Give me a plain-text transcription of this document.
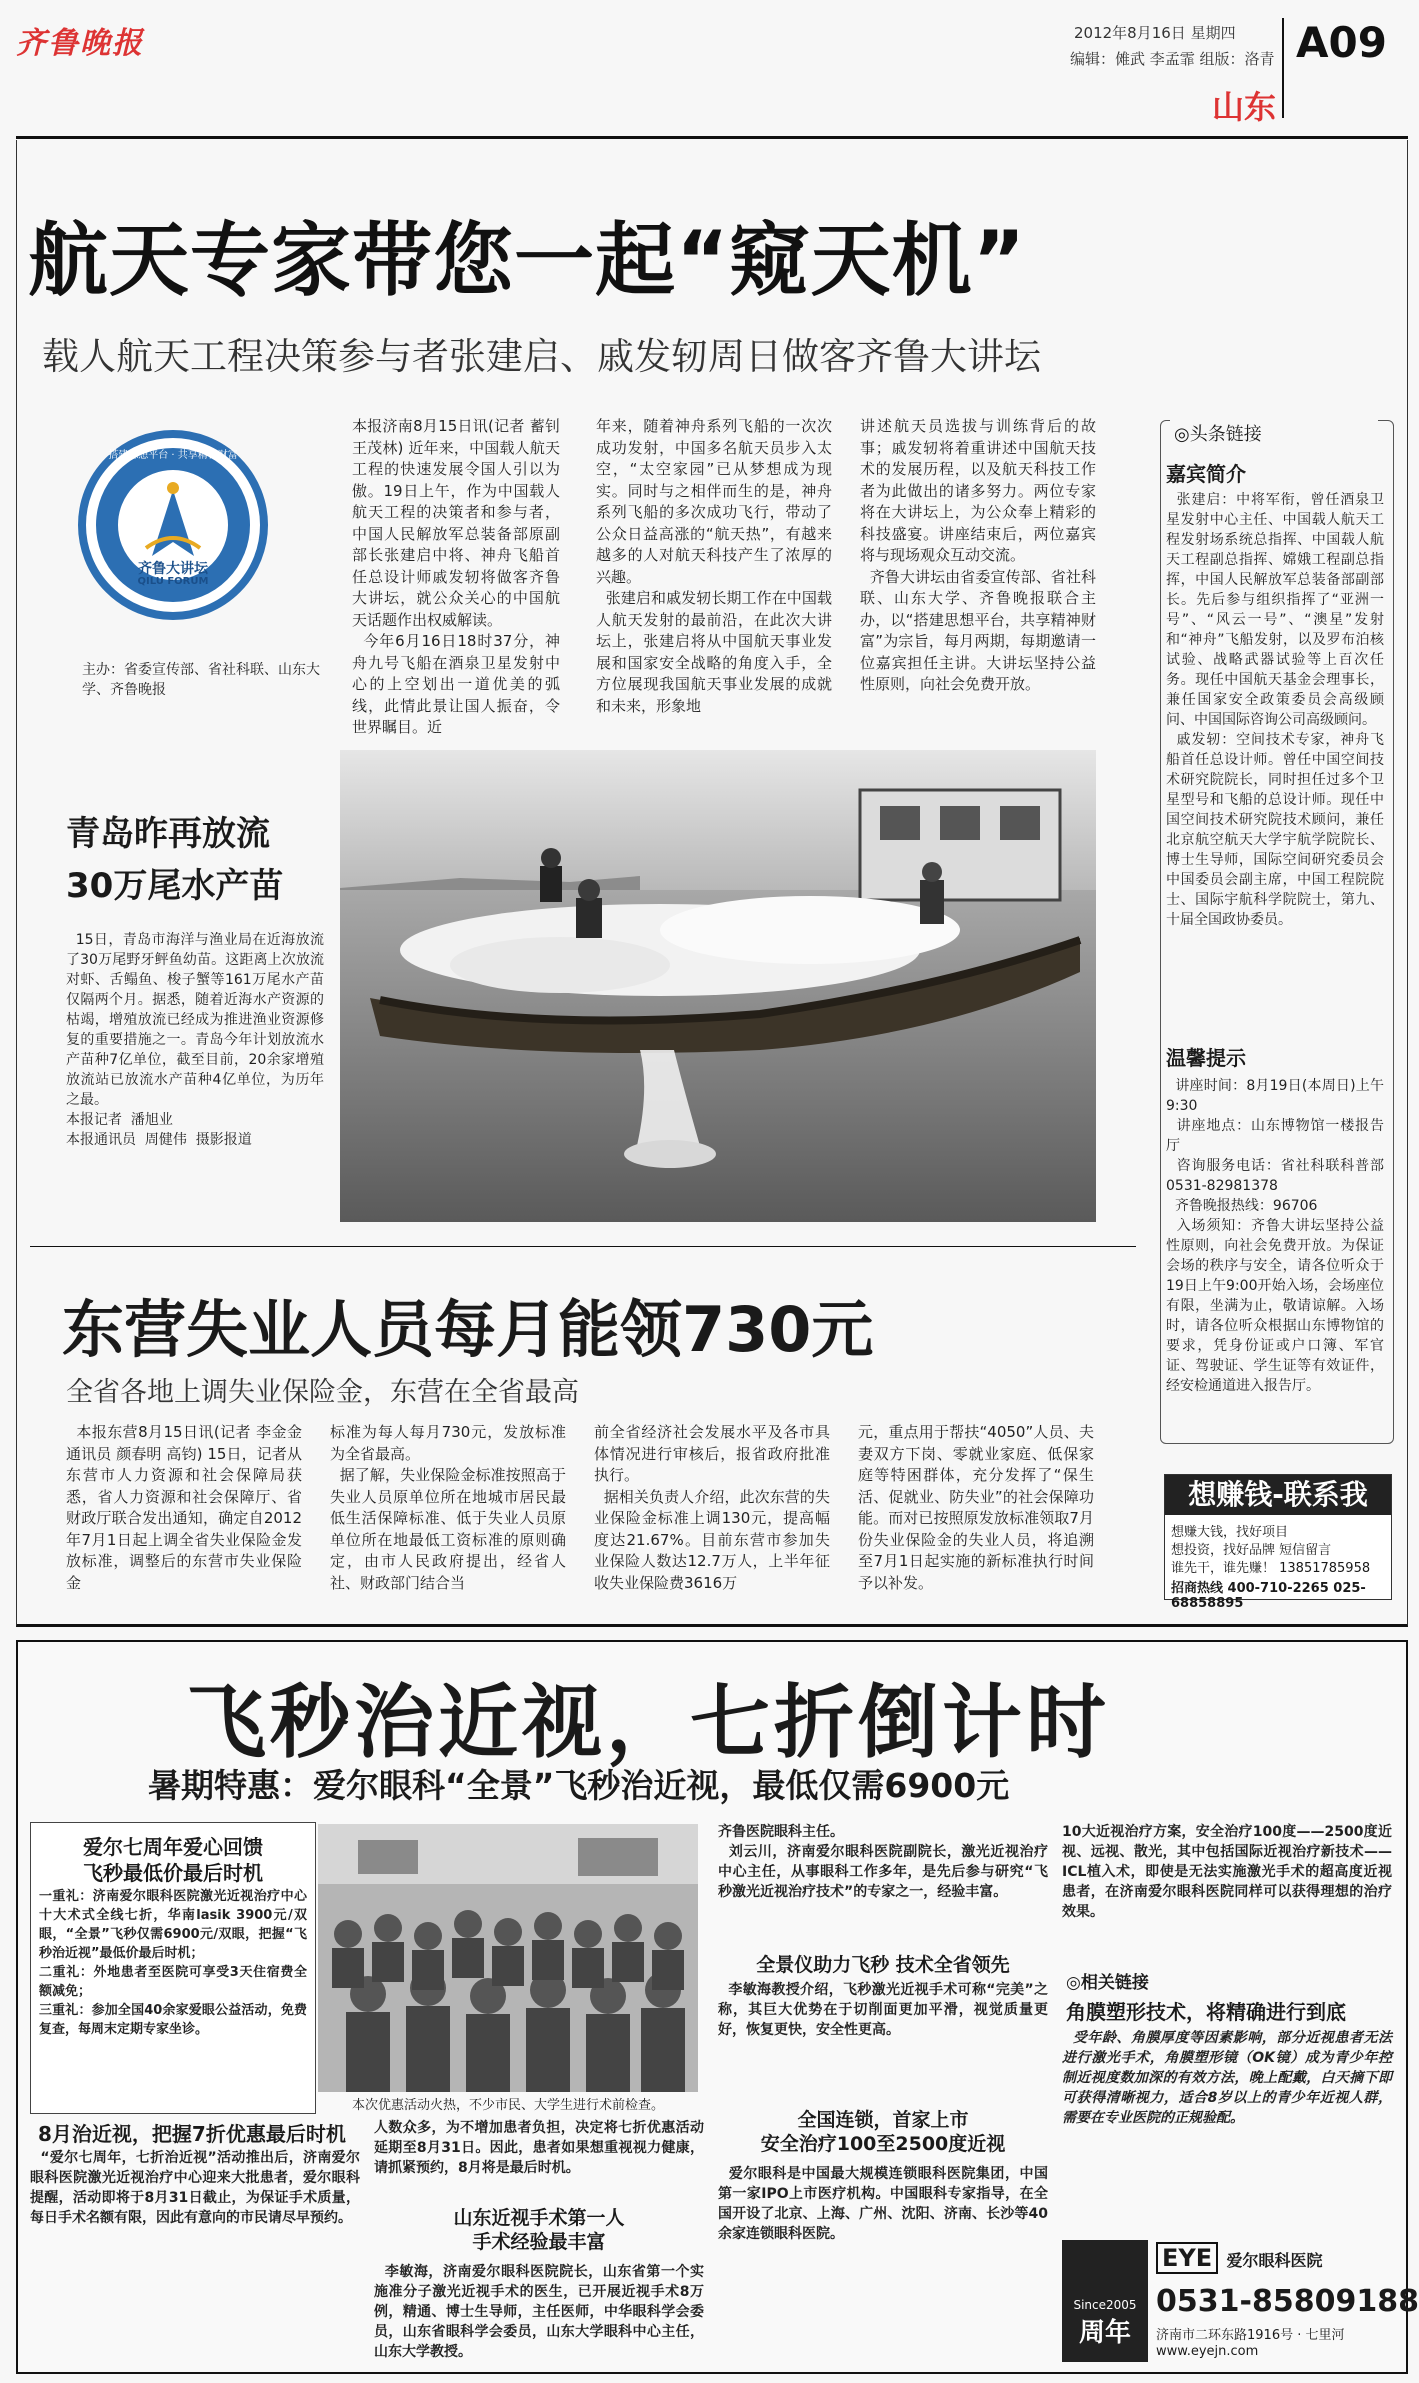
齐鲁晚报	2012年8月16日 星期四
编辑：傩武 李孟霏 组版：洛青 A09
山东
航天专家带您一起“窥天机”
载人航天工程决策参与者张建启、戚发轫周日做客齐鲁大讲坛
搭建思想平台 · 共享精神财富
齐鲁大讲坛
QILU FORUM
主办：省委宣传部、省社科联、山东大学、齐鲁晚报
本报济南8月15日讯(记者 蓄钊 王茂林) 近年来，中国载人航天工程的快速发展令国人引以为傲。19日上午，作为中国载人航天工程的决策者和参与者，中国人民解放军总装备部原副部长张建启中将、神舟飞船首任总设计师戚发轫将做客齐鲁大讲坛，就公众关心的中国航天话题作出权威解读。
今年6月16日18时37分，神舟九号飞船在酒泉卫星发射中心的上空划出一道优美的弧线，此情此景让国人振奋，令世界瞩目。近
年来，随着神舟系列飞船的一次次成功发射，中国多名航天员步入太空，“太空家园”已从梦想成为现实。同时与之相伴而生的是，神舟系列飞船的多次成功飞行，带动了公众日益高涨的“航天热”，有越来越多的人对航天科技产生了浓厚的兴趣。
张建启和戚发轫长期工作在中国载人航天发射的最前沿，在此次大讲坛上，张建启将从中国航天事业发展和国家安全战略的角度入手，全方位展现我国航天事业发展的成就和未来，形象地
讲述航天员选拔与训练背后的故事；戚发轫将着重讲述中国航天技术的发展历程，以及航天科技工作者为此做出的诸多努力。两位专家将在大讲坛上，为公众奉上精彩的科技盛宴。讲座结束后，两位嘉宾将与现场观众互动交流。
齐鲁大讲坛由省委宣传部、省社科联、山东大学、齐鲁晚报联合主办，以“搭建思想平台，共享精神财富”为宗旨，每月两期，每期邀请一位嘉宾担任主讲。大讲坛坚持公益性原则，向社会免费开放。
◎头条链接
嘉宾简介
张建启：中将军衔，曾任酒泉卫星发射中心主任、中国载人航天工程发射场系统总指挥、中国载人航天工程副总指挥、嫦娥工程副总指挥，中国人民解放军总装备部副部长。先后参与组织指挥了“亚洲一号”、“风云一号”、“澳星”发射和“神舟”飞船发射，以及罗布泊核试验、战略武器试验等上百次任务。现任中国航天基金会理事长，兼任国家安全政策委员会高级顾问、中国国际咨询公司高级顾问。
戚发轫：空间技术专家，神舟飞船首任总设计师。曾任中国空间技术研究院院长，同时担任过多个卫星型号和飞船的总设计师。现任中国空间技术研究院技术顾问，兼任北京航空航天大学宇航学院院长、博士生导师，国际空间研究委员会中国委员会副主席，中国工程院院士、国际宇航科学院院士，第九、十届全国政协委员。
温馨提示
讲座时间：8月19日(本周日)上午9:30
讲座地点：山东博物馆一楼报告厅
咨询服务电话：省社科联科普部 0531-82981378
齐鲁晚报热线：96706
入场须知：齐鲁大讲坛坚持公益性原则，向社会免费开放。为保证会场的秩序与安全，请各位听众于19日上午9:00开始入场，会场座位有限，坐满为止，敬请谅解。入场时，请各位听众根据山东博物馆的要求，凭身份证或户口簿、军官证、驾驶证、学生证等有效证件，经安检通道进入报告厅。
想赚钱-联系我
想赚大钱，找好项目
想投资，找好品牌 短信留言
谁先干，谁先赚！ 13851785958
招商热线 400-710-2265 025-68858895
青岛昨再放流
30万尾水产苗
15日，青岛市海洋与渔业局在近海放流了30万尾野牙鲆鱼幼苗。这距离上次放流对虾、舌鳎鱼、梭子蟹等161万尾水产苗仅隔两个月。据悉，随着近海水产资源的枯竭，增殖放流已经成为推进渔业资源修复的重要措施之一。青岛今年计划放流水产苗种7亿单位，截至目前，20余家增殖放流站已放流水产苗种4亿单位，为历年之最。
本报记者  潘旭业
本报通讯员  周健伟  摄影报道
东营失业人员每月能领730元
全省各地上调失业保险金，东营在全省最高
本报东营8月15日讯(记者 李金金 通讯员 颜春明 高钧) 15日，记者从东营市人力资源和社会保障局获悉，省人力资源和社会保障厅、省财政厅联合发出通知，确定自2012年7月1日起上调全省失业保险金发放标准，调整后的东营市失业保险金
标准为每人每月730元，发放标准为全省最高。
据了解，失业保险金标准按照高于失业人员原单位所在地城市居民最低生活保障标准、低于失业人员原单位所在地最低工资标准的原则确定，由市人民政府提出，经省人社、财政部门结合当
前全省经济社会发展水平及各市具体情况进行审核后，报省政府批准执行。
据相关负责人介绍，此次东营的失业保险金标准上调130元，提高幅度达21.67%。目前东营市参加失业保险人数达12.7万人，上半年征收失业保险费3616万
元，重点用于帮扶“4050”人员、夫妻双方下岗、零就业家庭、低保家庭等特困群体，充分发挥了“保生活、促就业、防失业”的社会保障功能。而对已按照原发放标准领取7月份失业保险金的失业人员，将追溯至7月1日起实施的新标准执行时间予以补发。
飞秒治近视，七折倒计时
暑期特惠：爱尔眼科“全景”飞秒治近视，最低仅需6900元
爱尔七周年爱心回馈
飞秒最低价最后时机
一重礼：济南爱尔眼科医院激光近视治疗中心十大术式全线七折，华南lasik 3900元/双眼，“全景”飞秒仅需6900元/双眼，把握“飞秒治近视”最低价最后时机；
二重礼：外地患者至医院可享受3天住宿费全额减免；
三重礼：参加全国40余家爱眼公益活动，免费复查，每周末定期专家坐诊。
本次优惠活动火热，不少市民、大学生进行术前检查。
8月治近视，把握7折优惠最后时机
“爱尔七周年，七折治近视”活动推出后，济南爱尔眼科医院激光近视治疗中心迎来大批患者，爱尔眼科提醒，活动即将于8月31日截止，为保证手术质量，每日手术名额有限，因此有意向的市民请尽早预约。
人数众多，为不增加患者负担，决定将七折优惠活动延期至8月31日。因此，患者如果想重视视力健康，请抓紧预约，8月将是最后时机。
山东近视手术第一人
手术经验最丰富
李敏海，济南爱尔眼科医院院长，山东省第一个实施准分子激光近视手术的医生，已开展近视手术8万例，精通、博士生导师，主任医师，中华眼科学会委员，山东省眼科学会委员，山东大学眼科中心主任，山东大学教授。
齐鲁医院眼科主任。
刘云川，济南爱尔眼科医院副院长，激光近视治疗中心主任，从事眼科工作多年，是先后参与研究“飞秒激光近视治疗技术”的专家之一，经验丰富。
全景仪助力飞秒 技术全省领先
李敏海教授介绍，飞秒激光近视手术可称“完美”之称，其巨大优势在于切削面更加平滑，视觉质量更好，恢复更快，安全性更高。
全国连锁，首家上市
安全治疗100至2500度近视
爱尔眼科是中国最大规模连锁眼科医院集团，中国第一家IPO上市医疗机构。中国眼科专家指导，在全国开设了北京、上海、广州、沈阳、济南、长沙等40余家连锁眼科医院。
10大近视治疗方案，安全治疗100度——2500度近视、远视、散光，其中包括国际近视治疗新技术——ICL植入术，即使是无法实施激光手术的超高度近视患者，在济南爱尔眼科医院同样可以获得理想的治疗效果。
◎相关链接
角膜塑形技术，将精确进行到底
受年龄、角膜厚度等因素影响，部分近视患者无法进行激光手术，角膜塑形镜（OK镜）成为青少年控制近视度数加深的有效方法，晚上配戴，白天摘下即可获得清晰视力，适合8岁以上的青少年近视人群，需要在专业医院的正规验配。
Since2005
周年
EYE 爱尔眼科医院
0531-85809188
济南市二环东路1916号 · 七里河
www.eyejn.com
